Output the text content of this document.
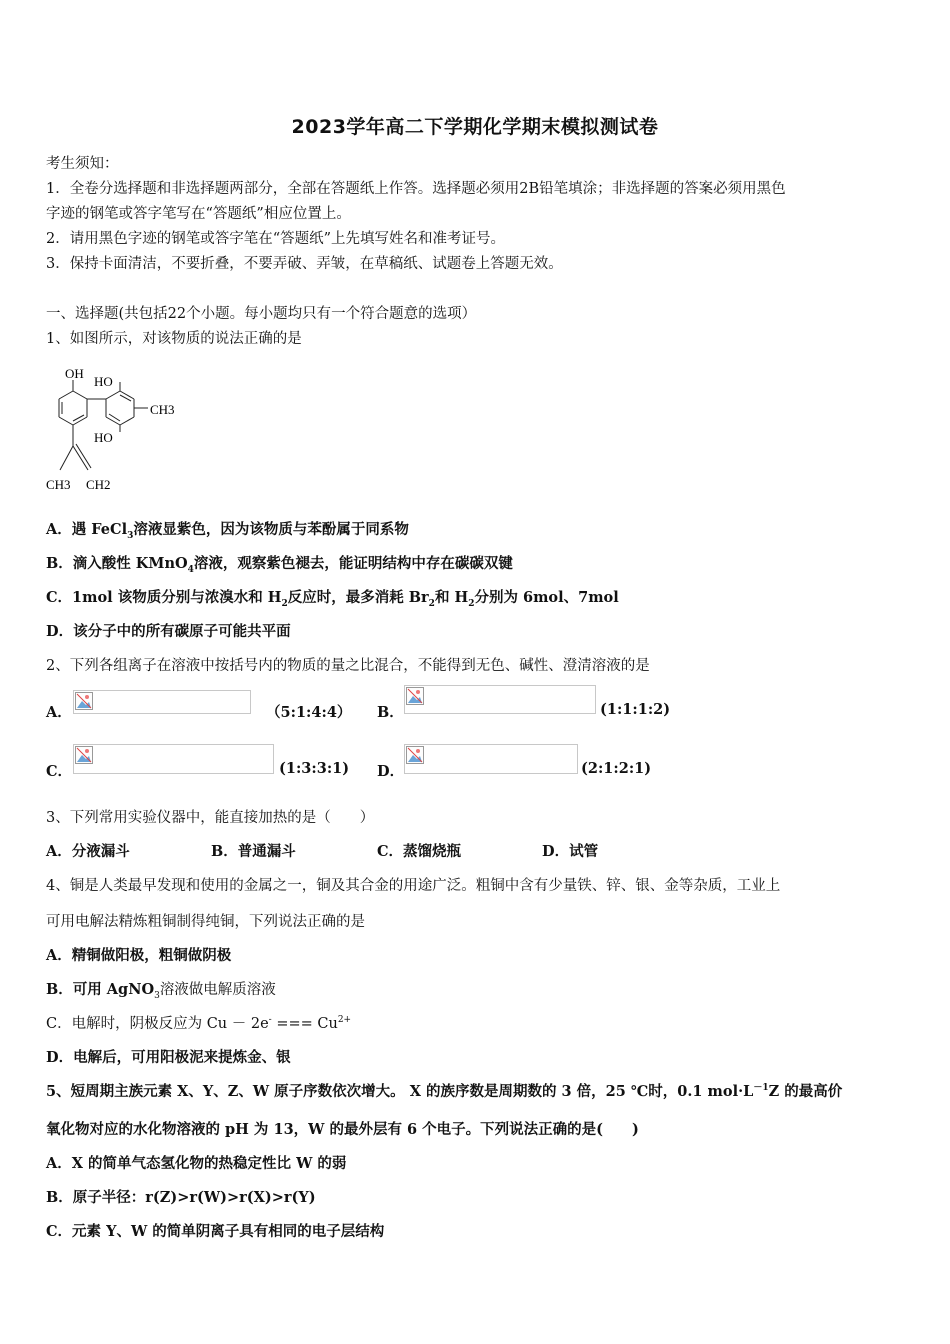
2023学年高二下学期化学期末模拟测试卷
考生须知：
1．全卷分选择题和非选择题两部分，全部在答题纸上作答。选择题必须用2B铅笔填涂；非选择题的答案必须用黑色
字迹的钢笔或答字笔写在“答题纸”相应位置上。
2．请用黑色字迹的钢笔或答字笔在“答题纸”上先填写姓名和准考证号。
3．保持卡面清洁，不要折叠，不要弄破、弄皱，在草稿纸、试题卷上答题无效。
一、选择题(共包括22个小题。每小题均只有一个符合题意的选项）
1、如图所示，对该物质的说法正确的是
OH
HO
CH3
HO
CH3 CH2
A．遇 FeCl$_3$溶液显紫色，因为该物质与苯酚属于同系物
B．滴入酸性 KMnO$_4$溶液，观察紫色褪去，能证明结构中存在碳碳双键
C．1mol 该物质分别与浓溴水和 $H_2$反应时，最多消耗 $Br_2$和 $H_2$分别为 6mol、7mol
D．该分子中的所有碳原子可能共平面
2、下列各组离子在溶液中按括号内的物质的量之比混合，不能得到无色、碱性、澄清溶液的是
A．	（5:1:4:4） B．	(1:1:1:2)
C．	(1:3:3:1) D．	(2:1:2:1)
3、下列常用实验仪器中，能直接加热的是（　　）
A．分液漏斗	B．普通漏斗	C．蒸馏烧瓶	D．试管
4、铜是人类最早发现和使用的金属之一，铜及其合金的用途广泛。粗铜中含有少量铁、锌、银、金等杂质，工业上
可用电解法精炼粗铜制得纯铜，下列说法正确的是
A．精铜做阳极，粗铜做阴极
B．可用 AgNO$_3$溶液做电解质溶液
C．电解时，阴极反应为 Cu － 2e- === $Cu^{2+}$
D．电解后，可用阳极泥来提炼金、银
5、短周期主族元素 X、Y、Z、W 原子序数依次增大。 X 的族序数是周期数的 3 倍，25 ℃时，0.1 $mol\cdot L^{-1}Z$ 的最高价
氧化物对应的水化物溶液的 pH 为 13，W 的最外层有 6 个电子。下列说法正确的是(　　)
A．X 的简单气态氢化物的热稳定性比 W 的弱
B．原子半径：r(Z)>r(W)>r(X)>r(Y)
C．元素 Y、W 的简单阴离子具有相同的电子层结构
